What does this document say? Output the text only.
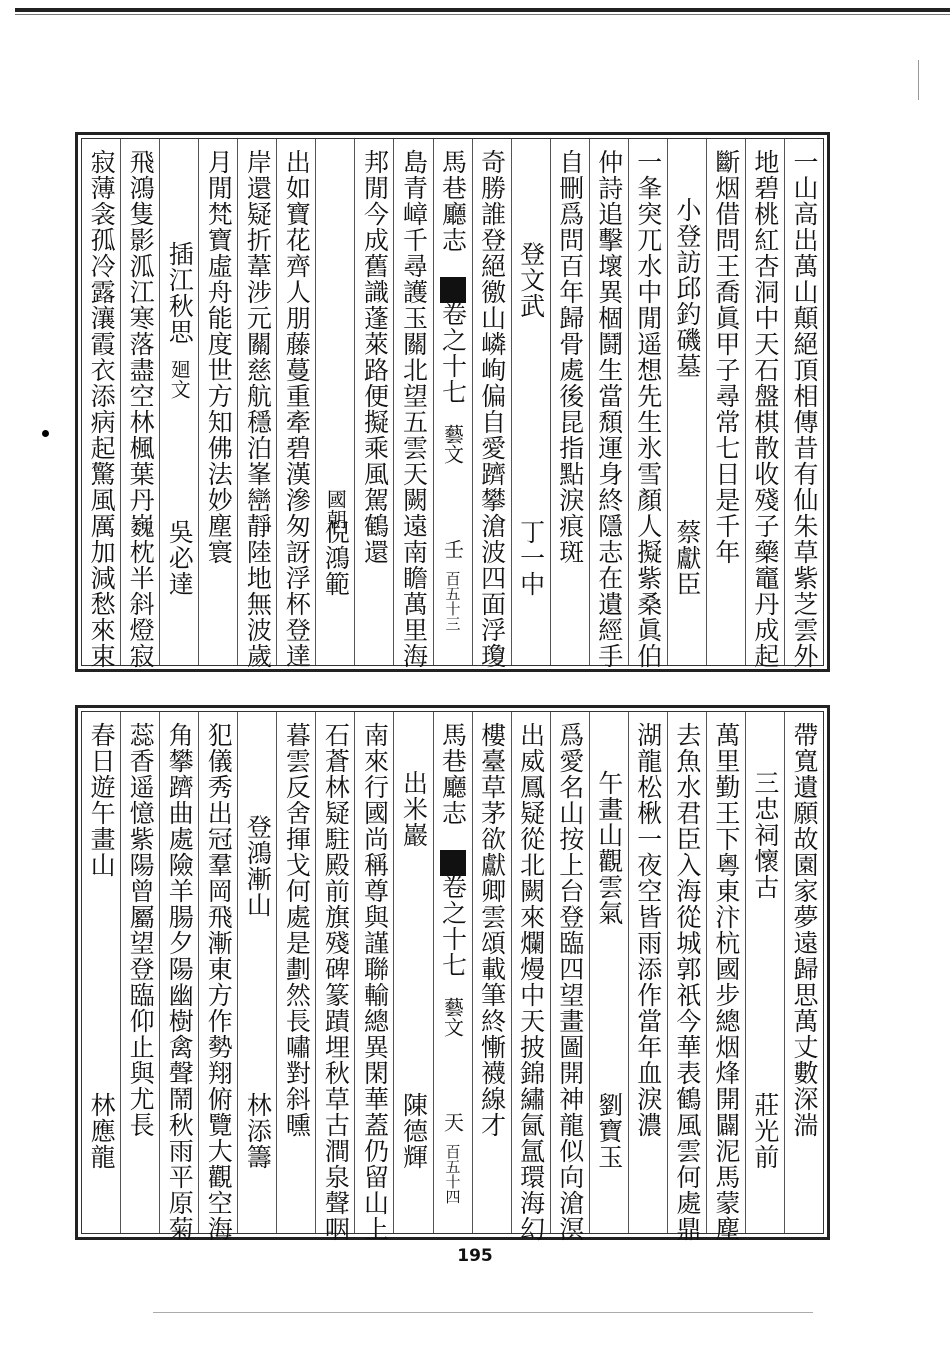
一山高出萬山顛絕頂相傳昔有仙朱草紫芝雲外
地碧桃紅杏洞中天石盤棋散收殘子藥竈丹成起
斷烟借問王喬眞甲子尋常七日是千年
小登訪邱釣磯墓
蔡獻臣
一夆突兀水中閒遥想先生氷雪顏人擬紫桑眞伯
仲詩追擊壞異棝鬪生當頹運身終隱志在遺經手
自刪爲問百年歸骨處後昆指點淚痕斑
登文武
丁一中
奇勝誰登絕徼山嶙峋偏自愛躋攀滄波四面浮瓊
馬巷廳志
卷之十七
藝文
壬
百五十三
島青嶂千尋護玉關北望五雲天闕遠南瞻萬里海
邦閒今成舊識蓬萊路便擬乘風駕鶴還
國朝
倪鴻範
出如寶花齊人朋藤蔓重牽碧漢滲匆訝浮杯登達
岸還疑折葦涉元關慈航穩泊峯巒靜陸地無波歲
月閒梵寶虛舟能度世方知佛法妙塵寰
插江秋思
廻文
吳必達
飛鴻隻影泒江寒落盡空林楓葉丹巍枕半斜燈寂
寂薄衾孤冷露瀼霞衣添病起驚風厲加減愁來束
帶寬遺願故園家夢遠歸思萬丈數深湍
三忠祠懷古
莊光前
萬里勤王下粵東汴杭國步總烟烽開闢泥馬蒙塵
去魚水君臣入海從城郭祇今華表鶴風雲何處鼎
湖龍松楸一夜空皆雨添作當年血淚濃
午畫山觀雲氣
劉寶玉
爲愛名山按上台登臨四望畫圖開神龍似向滄溟
出威鳳疑從北闕來爛熳中天披錦繡氤氲環海幻
樓臺草茅欲獻卿雲頌載筆終慚襪線才
馬巷廳志
卷之十七
藝文
天
百五十四
出米巖
陳德輝
南來行國尚稱尊與謹聯輸總異閑華蓋仍留山上
石蒼林疑駐殿前旗殘碑篆蹟埋秋草古澗泉聲咽
暮雲反舍揮戈何處是劃然長嘯對斜曛
登鴻漸山
林添籌
犯儀秀出冠羣岡飛漸東方作勢翔俯覽大觀空海
角攀躋曲處險羊腸夕陽幽樹禽聲鬧秋雨平原菊
蕊香遥憶紫陽曾屬望登臨仰止與尤長
春日遊午畫山
林應龍
195
